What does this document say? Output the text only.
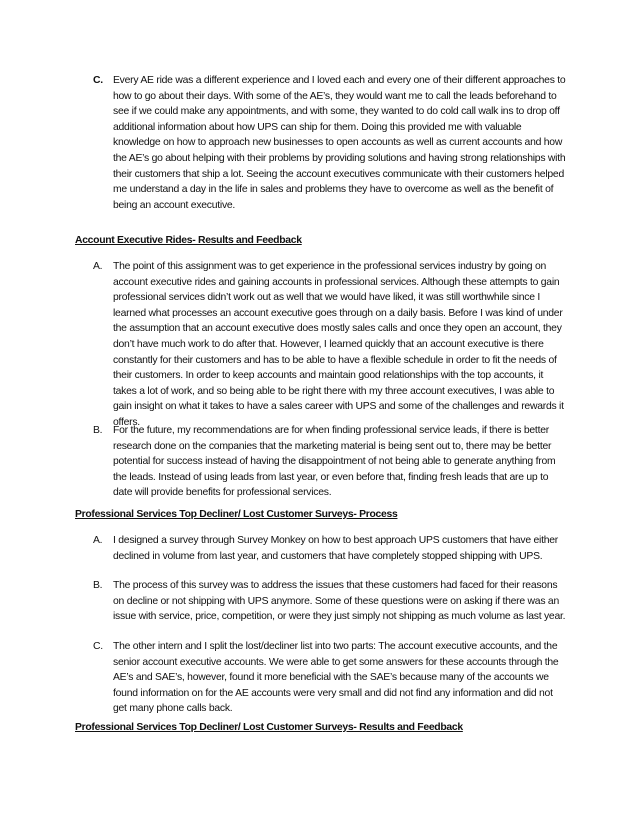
C. Every AE ride was a different experience and I loved each and every one of their different approaches to how to go about their days. With some of the AE’s, they would want me to call the leads beforehand to see if we could make any appointments, and with some, they wanted to do cold call walk ins to drop off additional information about how UPS can ship for them. Doing this provided me with valuable knowledge on how to approach new businesses to open accounts as well as current accounts and how the AE’s go about helping with their problems by providing solutions and having strong relationships with their customers that ship a lot. Seeing the account executives communicate with their customers helped me understand a day in the life in sales and problems they have to overcome as well as the benefit of being an account executive.
Account Executive Rides- Results and Feedback
A. The point of this assignment was to get experience in the professional services industry by going on account executive rides and gaining accounts in professional services. Although these attempts to gain professional services didn’t work out as well that we would have liked, it was still worthwhile since I learned what processes an account executive goes through on a daily basis. Before I was kind of under the assumption that an account executive does mostly sales calls and once they open an account, they don’t have much work to do after that. However, I learned quickly that an account executive is there constantly for their customers and has to be able to have a flexible schedule in order to fit the needs of their customers. In order to keep accounts and maintain good relationships with the top accounts, it takes a lot of work, and so being able to be right there with my three account executives, I was able to gain insight on what it takes to have a sales career with UPS and some of the challenges and rewards it offers.
B. For the future, my recommendations are for when finding professional service leads, if there is better research done on the companies that the marketing material is being sent out to, there may be better potential for success instead of having the disappointment of not being able to generate anything from the leads. Instead of using leads from last year, or even before that, finding fresh leads that are up to date will provide benefits for professional services.
Professional Services Top Decliner/ Lost Customer Surveys- Process
A. I designed a survey through Survey Monkey on how to best approach UPS customers that have either declined in volume from last year, and customers that have completely stopped shipping with UPS.
B. The process of this survey was to address the issues that these customers had faced for their reasons on decline or not shipping with UPS anymore. Some of these questions were on asking if there was an issue with service, price, competition, or were they just simply not shipping as much volume as last year.
C. The other intern and I split the lost/decliner list into two parts: The account executive accounts, and the senior account executive accounts. We were able to get some answers for these accounts through the AE’s and SAE’s, however, found it more beneficial with the SAE’s because many of the accounts we found information on for the AE accounts were very small and did not find any information and did not get many phone calls back.
Professional Services Top Decliner/ Lost Customer Surveys- Results and Feedback
